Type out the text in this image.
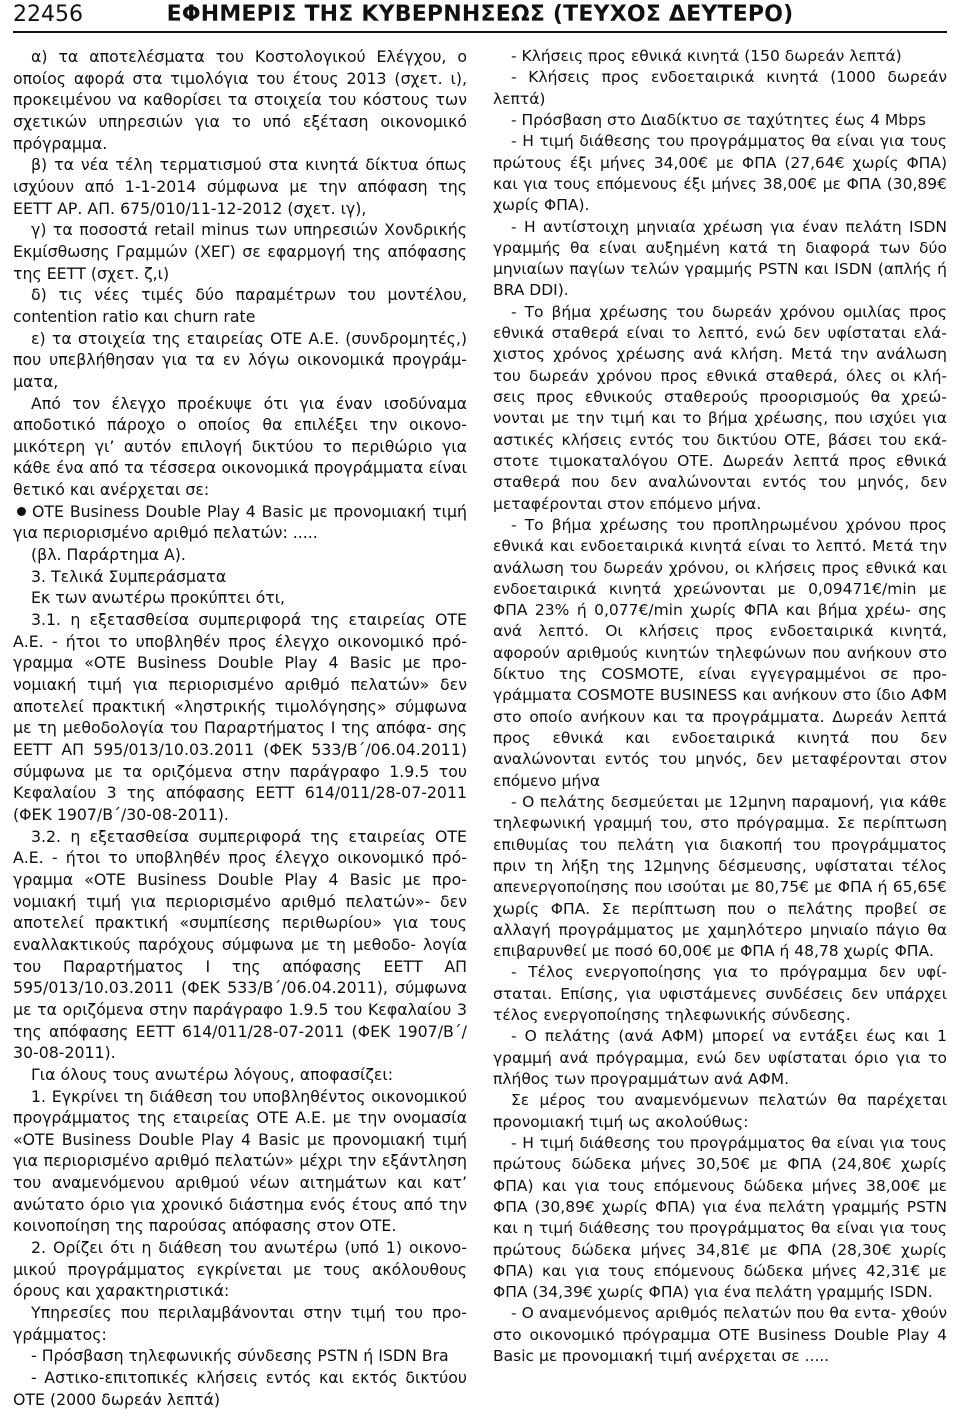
22456	ΕΦΗΜΕΡΙΣ ΤΗΣ ΚΥΒΕΡΝΗΣΕΩΣ (ΤΕΥΧΟΣ ΔΕΥΤΕΡΟ)

α) τα αποτελέσματα του Κοστολογικού Ελέγχου, ο οποίος αφορά στα τιμολόγια του έτους 2013 (σχετ. ι), προκειμένου να καθορίσει τα στοιχεία του κόστους των σχετικών υπηρεσιών για το υπό εξέταση οικονομικό πρόγραμμα.

β) τα νέα τέλη τερματισμού στα κινητά δίκτυα όπως ισχύουν από 1‑1‑2014 σύμφωνα με την απόφαση της ΕΕΤΤ ΑΡ. ΑΠ. 675/010/11‑12‑2012 (σχετ. ιγ),

γ) τα ποσοστά retail minus των υπηρεσιών Χονδρικής Εκμίσθωσης Γραμμών (ΧΕΓ) σε εφαρμογή της απόφασης της ΕΕΤΤ (σχετ. ζ,ι)

δ) τις νέες τιμές δύο παραμέτρων του μοντέλου, contention ratio και churn rate

ε) τα στοιχεία της εταιρείας ΟΤΕ Α.Ε. (συνδρομητές,) που υπεβλήθησαν για τα εν λόγω οικονομικά προγράμ‑ ματα,

Από τον έλεγχο προέκυψε ότι για έναν ισοδύναμα αποδοτικό πάροχο ο οποίος θα επιλέξει την οικονο‑ μικότερη γι’ αυτόν επιλογή δικτύου το περιθώριο για κάθε ένα από τα τέσσερα οικονομικά προγράμματα είναι θετικό και ανέρχεται σε:

ΟΤΕ Business Double Play 4 Basic με προνομιακή τιμή για περιορισμένο αριθμό πελατών: .....

(βλ. Παράρτημα Α).

3. Τελικά Συμπεράσματα

Εκ των ανωτέρω προκύπτει ότι,

3.1. η εξετασθείσα συμπεριφορά της εταιρείας ΟΤΕ Α.Ε. ‑ ήτοι το υποβληθέν προς έλεγχο οικονομικό πρό‑ γραμμα «ΟΤΕ Business Double Play 4 Basic με προ‑ νομιακή τιμή για περιορισμένο αριθμό πελατών» δεν αποτελεί πρακτική «ληστρικής τιμολόγησης» σύμφωνα με τη μεθοδολογία του Παραρτήματος Ι της απόφα‑ σης ΕΕΤΤ ΑΠ 595/013/10.03.2011 (ΦΕΚ 533/Β΄/06.04.2011) σύμφωνα με τα οριζόμενα στην παράγραφο 1.9.5 του Κεφαλαίου 3 της απόφασης ΕΕΤΤ 614/011/28‑07‑2011 (ΦΕΚ 1907/Β΄/30‑08‑2011).

3.2. η εξετασθείσα συμπεριφορά της εταιρείας ΟΤΕ Α.Ε. ‑ ήτοι το υποβληθέν προς έλεγχο οικονομικό πρό‑ γραμμα «ΟΤΕ Business Double Play 4 Basic με προ‑ νομιακή τιμή για περιορισμένο αριθμό πελατών»‑ δεν αποτελεί πρακτική «συμπίεσης περιθωρίου» για τους εναλλακτικούς παρόχους σύμφωνα με τη μεθοδο‑ λογία του Παραρτήματος Ι της απόφασης ΕΕΤΤ ΑΠ 595/013/10.03.2011 (ΦΕΚ 533/Β΄/06.04.2011), σύμφωνα με τα οριζόμενα στην παράγραφο 1.9.5 του Κεφαλαίου 3 της απόφασης ΕΕΤΤ 614/011/28‑07‑2011 (ΦΕΚ 1907/Β΄/ 30‑08‑2011).

Για όλους τους ανωτέρω λόγους, αποφασίζει:

1. Εγκρίνει τη διάθεση του υποβληθέντος οικονομικού προγράμματος της εταιρείας ΟΤΕ Α.Ε. με την ονομασία «ΟΤΕ Business Double Play 4 Basic με προνομιακή τιμή για περιορισμένο αριθμό πελατών» μέχρι την εξάντληση του αναμενόμενου αριθμού νέων αιτημάτων και κατ’ ανώτατο όριο για χρονικό διάστημα ενός έτους από την κοινοποίηση της παρούσας απόφασης στον ΟΤΕ.

2. Ορίζει ότι η διάθεση του ανωτέρω (υπό 1) οικονο‑ μικού προγράμματος εγκρίνεται με τους ακόλουθους όρους και χαρακτηριστικά:

Υπηρεσίες που περιλαμβάνονται στην τιμή του προ‑ γράμματος:

‑ Πρόσβαση τηλεφωνικής σύνδεσης PSTN ή ISDN Bra

‑ Αστικο‑επιτοπικές κλήσεις εντός και εκτός δικτύου ΟΤΕ (2000 δωρεάν λεπτά)

‑ Κλήσεις προς εθνικά κινητά (150 δωρεάν λεπτά)

‑ Κλήσεις προς ενδοεταιρικά κινητά (1000 δωρεάν λεπτά)

‑ Πρόσβαση στο Διαδίκτυο σε ταχύτητες έως 4 Mbps

‑ Η τιμή διάθεσης του προγράμματος θα είναι για τους πρώτους έξι μήνες 34,00€ με ΦΠΑ (27,64€ χωρίς ΦΠΑ) και για τους επόμενους έξι μήνες 38,00€ με ΦΠΑ (30,89€ χωρίς ΦΠΑ).

‑ Η αντίστοιχη μηνιαία χρέωση για έναν πελάτη ISDN γραμμής θα είναι αυξημένη κατά τη διαφορά των δύο μηνιαίων παγίων τελών γραμμής PSTN και ISDN (απλής ή BRA DDI).

‑ Το βήμα χρέωσης του δωρεάν χρόνου ομιλίας προς εθνικά σταθερά είναι το λεπτό, ενώ δεν υφίσταται ελά‑ χιστος χρόνος χρέωσης ανά κλήση. Μετά την ανάλωση του δωρεάν χρόνου προς εθνικά σταθερά, όλες οι κλή‑ σεις προς εθνικούς σταθερούς προορισμούς θα χρεώ‑ νονται με την τιμή και το βήμα χρέωσης, που ισχύει για αστικές κλήσεις εντός του δικτύου ΟΤΕ, βάσει του εκά‑ στοτε τιμοκαταλόγου ΟΤΕ. Δωρεάν λεπτά προς εθνικά σταθερά που δεν αναλώνονται εντός του μηνός, δεν μεταφέρονται στον επόμενο μήνα.

‑ Το βήμα χρέωσης του προπληρωμένου χρόνου προς εθνικά και ενδοεταιρικά κινητά είναι το λεπτό. Μετά την ανάλωση του δωρεάν χρόνου, οι κλήσεις προς εθνικά και ενδοεταιρικά κινητά χρεώνονται με 0,09471€/min με ΦΠΑ 23% ή 0,077€/min χωρίς ΦΠΑ και βήμα χρέω‑ σης ανά λεπτό. Οι κλήσεις προς ενδοεταιρικά κινητά, αφορούν αριθμούς κινητών τηλεφώνων που ανήκουν στο δίκτυο της COSMOTE, είναι εγγεγραμμένοι σε προ‑ γράμματα COSMOTE BUSINESS και ανήκουν στο ίδιο ΑΦΜ στο οποίο ανήκουν και τα προγράμματα. Δωρεάν λεπτά προς εθνικά και ενδοεταιρικά κινητά που δεν αναλώνονται εντός του μηνός, δεν μεταφέρονται στον επόμενο μήνα

‑ Ο πελάτης δεσμεύεται με 12μηνη παραμονή, για κάθε τηλεφωνική γραμμή του, στο πρόγραμμα. Σε περίπτωση επιθυμίας του πελάτη για διακοπή του προγράμματος πριν τη λήξη της 12μηνης δέσμευσης, υφίσταται τέλος απενεργοποίησης που ισούται με 80,75€ με ΦΠΑ ή 65,65€ χωρίς ΦΠΑ. Σε περίπτωση που ο πελάτης προβεί σε αλλαγή προγράμματος με χαμηλότερο μηνιαίο πάγιο θα επιβαρυνθεί με ποσό 60,00€ με ΦΠΑ ή 48,78 χωρίς ΦΠΑ.

‑ Τέλος ενεργοποίησης για το πρόγραμμα δεν υφί‑ σταται. Επίσης, για υφιστάμενες συνδέσεις δεν υπάρχει τέλος ενεργοποίησης τηλεφωνικής σύνδεσης.

‑ Ο πελάτης (ανά ΑΦΜ) μπορεί να εντάξει έως και 1 γραμμή ανά πρόγραμμα, ενώ δεν υφίσταται όριο για το πλήθος των προγραμμάτων ανά ΑΦΜ.

Σε μέρος του αναμενόμενων πελατών θα παρέχεται προνομιακή τιμή ως ακολούθως:

‑ Η τιμή διάθεσης του προγράμματος θα είναι για τους πρώτους δώδεκα μήνες 30,50€ με ΦΠΑ (24,80€ χωρίς ΦΠΑ) και για τους επόμενους δώδεκα μήνες 38,00€ με ΦΠΑ (30,89€ χωρίς ΦΠΑ) για ένα πελάτη γραμμής PSTN και η τιμή διάθεσης του προγράμματος θα είναι για τους πρώτους δώδεκα μήνες 34,81€ με ΦΠΑ (28,30€ χωρίς ΦΠΑ) και για τους επόμενους δώδεκα μήνες 42,31€ με ΦΠΑ (34,39€ χωρίς ΦΠΑ) για ένα πελάτη γραμμής ISDN.

‑ Ο αναμενόμενος αριθμός πελατών που θα εντα‑ χθούν στο οικονομικό πρόγραμμα ΟΤΕ Business Double Play 4 Basic με προνομιακή τιμή ανέρχεται σε .....
